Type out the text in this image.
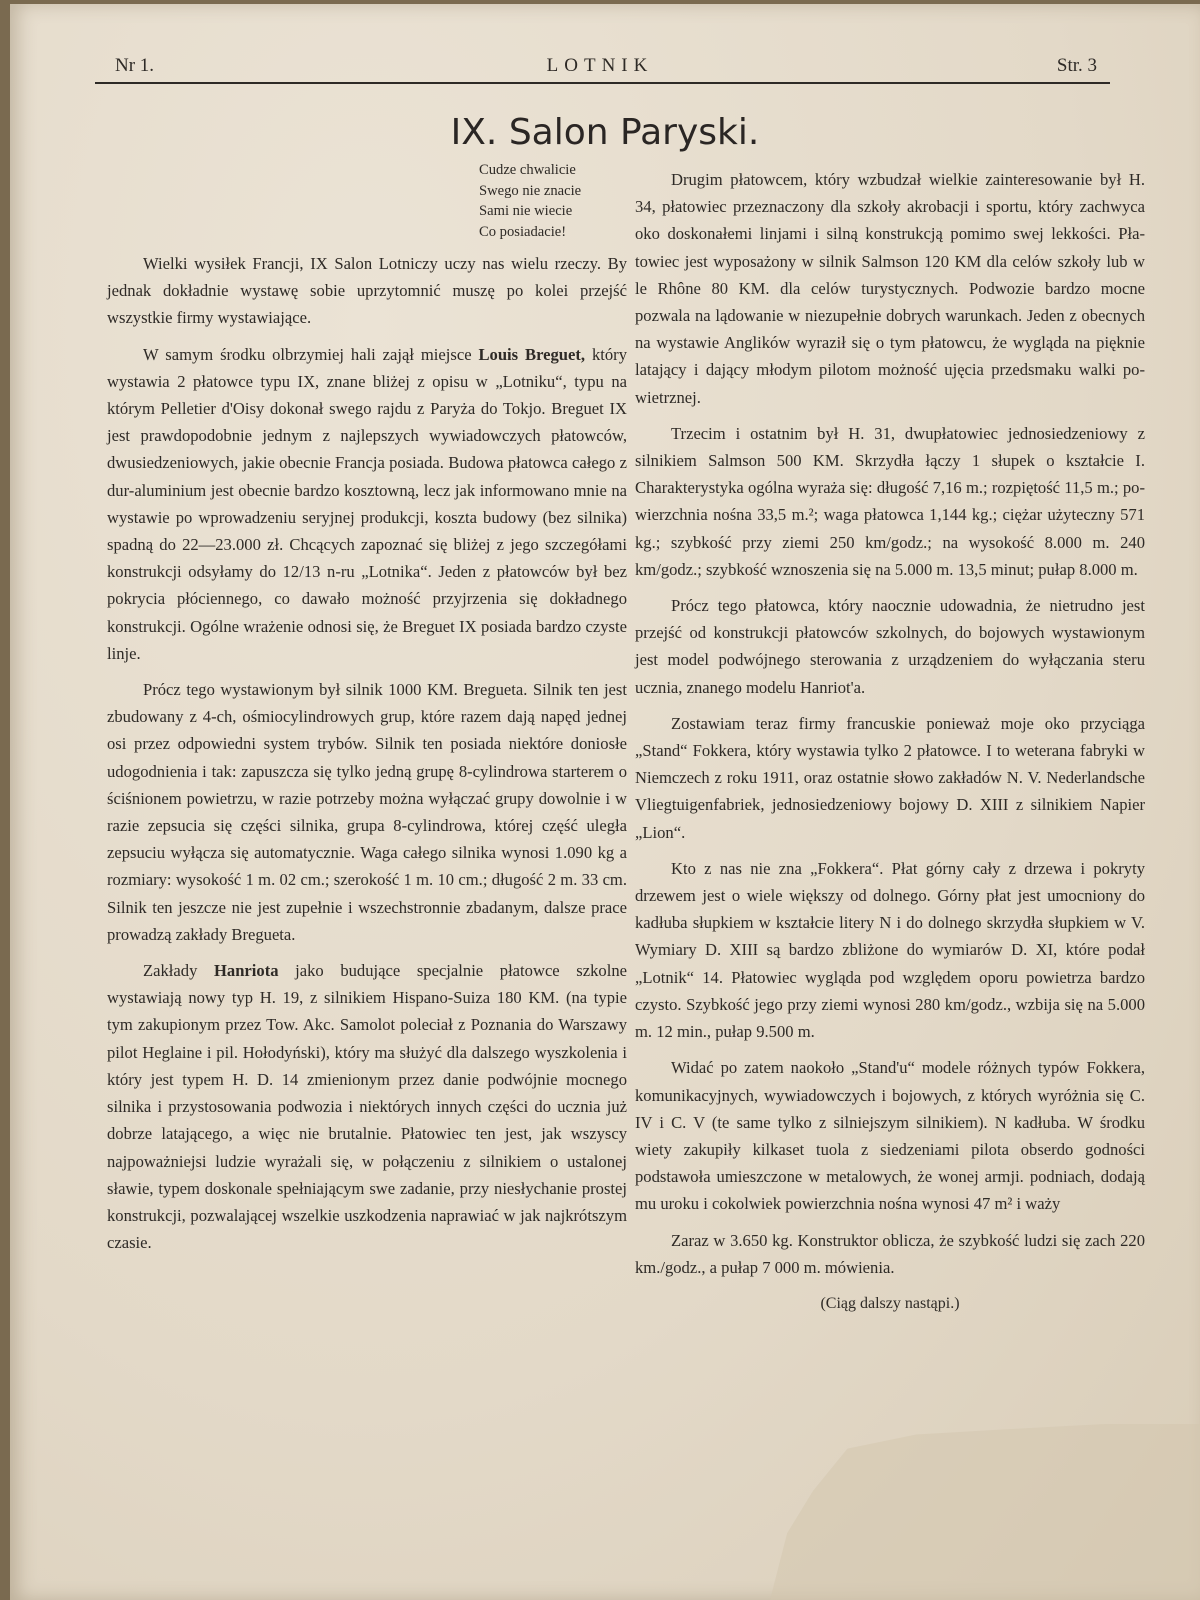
LOTNIK
Nr 1.	Str. 3
IX. Salon Paryski.
Cudze chwalicie
Swego nie znacie
Sami nie wiecie
Co posiadacie!

Wielki wysiłek Francji, IX Salon Lotniczy uczy nas wielu rzeczy. By jednak dokładnie wystawę sobie uprzytomnić muszę po kolei przejść wszystkie firmy wystawiające.

W samym środku olbrzymiej hali zajął miejsce Louis Breguet, który wystawia 2 płatowce typu IX, znane bliżej z opisu w „Lotniku“, typu na którym Pelletier d'Oisy dokonał swego rajdu z Paryża do Tokjo. Breguet IX jest prawdopodobnie jednym z najlepszych wywiadowczych płatowców, dwusiedzeniowych, jakie obecnie Francja posiada. Budowa płatowca całego z dur-aluminium jest obecnie bardzo kosztowną, lecz jak informowano mnie na wystawie po wprowadzeniu seryjnej produkcji, koszta budowy (bez silnika) spadną do 22—23.000 zł. Chcących zapoznać się bliżej z jego szczegółami konstrukcji odsyłamy do 12/13 n-ru „Lotnika“. Jeden z płatowców był bez pokrycia płóciennego, co dawało możność przyjrzenia się dokładnego konstrukcji. Ogólne wrażenie odnosi się, że Breguet IX posiada bardzo czyste linje.

Prócz tego wystawionym był silnik 1000 KM. Bregueta. Silnik ten jest zbudowany z 4-ch, ośmiocylindrowych grup, które razem dają napęd jednej osi przez odpowiedni system trybów. Silnik ten posiada niektóre doniosłe udogodnienia i tak: zapuszcza się tylko jedną grupę 8-cylindrowa starterem o ściśnionem powietrzu, w razie potrzeby można wyłączać grupy dowolnie i w razie zepsucia się części silnika, grupa 8-cylindrowa, której część uległa zepsuciu wyłącza się automatycznie. Waga całego silnika wynosi 1.090 kg a rozmiary: wysokość 1 m. 02 cm.; szerokość 1 m. 10 cm.; długość 2 m. 33 cm. Silnik ten jeszcze nie jest zupełnie i wszechstronnie zbadanym, dalsze prace prowadzą zakłady Bregueta.

Zakłady Hanriota jako budujące specjalnie płatowce szkolne wystawiają nowy typ H. 19, z silnikiem Hispano-Suiza 180 KM. (na typie tym zakupionym przez Tow. Akc. Samolot poleciał z Poznania do Warszawy pilot Heglaine i pil. Hołodyński), który ma służyć dla dalszego wyszkolenia i który jest typem H. D. 14 zmienionym przez danie podwójnie mocnego silnika i przystosowania podwozia i niektórych innych części do ucznia już dobrze latającego, a więc nie brutalnie. Płatowiec ten jest, jak wszyscy najpoważniejsi ludzie wyrażali się, w połączeniu z silnikiem o ustalonej sławie, typem doskonale spełniającym swe zadanie, przy niesłychanie prostej konstrukcji, pozwalającej wszelkie uszkodzenia naprawiać w jak najkrótszym czasie.

Drugim płatowcem, który wzbudzał wielkie zainteresowanie był H. 34, płatowiec przeznaczony dla szkoły akrobacji i sportu, który zachwyca oko doskonałemi linjami i silną konstrukcją pomimo swej lekkości. Płatowiec jest wyposażony w silnik Salmson 120 KM dla celów szkoły lub w le Rhône 80 KM. dla celów turystycznych. Podwozie bardzo mocne pozwala na lądowanie w niezupełnie dobrych warunkach. Jeden z obecnych na wystawie Anglików wyraził się o tym płatowcu, że wygląda na pięknie latający i dający młodym pilotom możność ujęcia przedsmaku walki powietrznej.

Trzecim i ostatnim był H. 31, dwupłatowiec jednosiedzeniowy z silnikiem Salmson 500 KM. Skrzydła łączy 1 słupek o kształcie I. Charakterystyka ogólna wyraża się: długość 7,16 m.; rozpiętość 11,5 m.; powierzchnia nośna 33,5 m.²; waga płatowca 1,144 kg.; ciężar użyteczny 571 kg.; szybkość przy ziemi 250 km/godz.; na wysokość 8.000 m. 240 km/godz.; szybkość wznoszenia się na 5.000 m. 13,5 minut; pułap 8.000 m.

Prócz tego płatowca, który naocznie udowadnia, że nietrudno jest przejść od konstrukcji płatowców szkolnych, do bojowych wystawionym jest model podwójnego sterowania z urządzeniem do wyłączania steru ucznia, znanego modelu Hanriot'a.

Zostawiam teraz firmy francuskie ponieważ moje oko przyciąga „Stand“ Fokkera, który wystawia tylko 2 płatowce. I to weterana fabryki w Niemczech z roku 1911, oraz ostatnie słowo zakładów N. V. Nederlandsche Vliegtuigenfabriek, jednosiedzeniowy bojowy D. XIII z silnikiem Napier „Lion“.

Kto z nas nie zna „Fokkera“. Płat górny cały z drzewa i pokryty drzewem jest o wiele większy od dolnego. Górny płat jest umocniony do kadłuba słupkiem w kształcie litery N i do dolnego skrzydła słupkiem w V. Wymiary D. XIII są bardzo zbliżone do wymiarów D. XI, które podał „Lotnik“ 14. Płatowiec wygląda pod względem oporu powietrza bardzo czysto. Szybkość jego przy ziemi wynosi 280 km/godz., wzbija się na 5.000 m. 12 min., pułap 9.500 m.

Widać po zatem naokoło „Stand'u“ modele różnych typów Fokkera, komunikacyjnych, wywiadowczych i bojowych, z których wyróżnia się C. IV i C. V (te same tylko z silniejszym silnikiem). N kadłuba. W środku wiety zakupiły kilkaset tuola z siedzeniami pilota obserdo godności podstawoła umieszczone w metalowych, że wonej armji. podniach, dodają mu uroku i cokolwiek powierzchnia nośna wynosi 47 m² i waży

Zaraz w 3.650 kg. Konstruktor oblicza, że szybkość ludzi się zach 220 km./godz., a pułap 7 000 m. mówienia.

(Ciąg dalszy nastąpi.)
